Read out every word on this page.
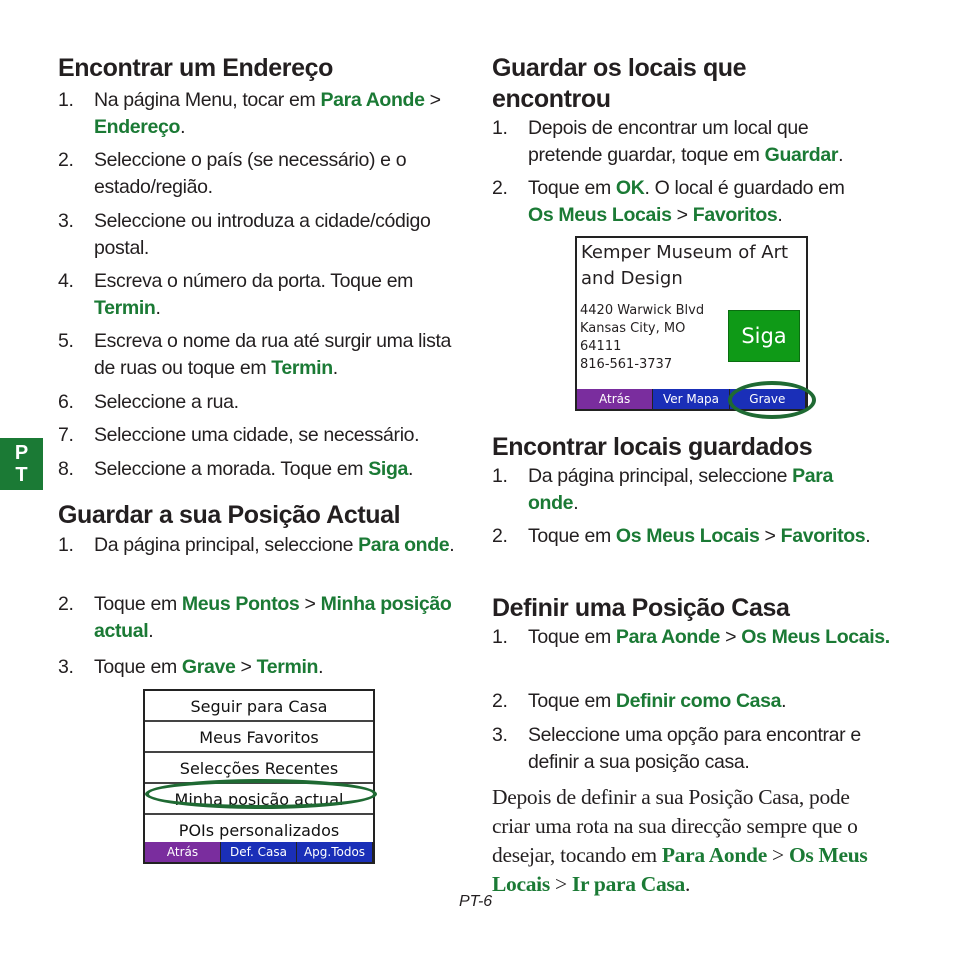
P
T
Encontrar um Endereço
1. Na página Menu, tocar em Para Aonde > Endereço.
2. Seleccione o país (se necessário) e o estado/região.
3. Seleccione ou introduza a cidade/código postal.
4. Escreva o número da porta. Toque em Termin.
5. Escreva o nome da rua até surgir uma lista de ruas ou toque em Termin.
6. Seleccione a rua.
7. Seleccione uma cidade, se necessário.
8. Seleccione a morada. Toque em Siga.
Guardar a sua Posição Actual
1. Da página principal, seleccione Para onde.
2. Toque em Meus Pontos > Minha posição actual.
3. Toque em Grave > Termin.
Guardar os locais que encontrou
1. Depois de encontrar um local que pretende guardar, toque em Guardar.
2. Toque em OK. O local é guardado em Os Meus Locais > Favoritos.
Encontrar locais guardados
1. Da página principal, seleccione Para onde.
2. Toque em Os Meus Locais > Favoritos.
Definir uma Posição Casa
1. Toque em Para Aonde > Os Meus Locais.
2. Toque em Definir como Casa.
3. Seleccione uma opção para encontrar e definir a sua posição casa.
Seguir para Casa
Meus Favoritos
Selecções Recentes
Minha posição actual
POIs personalizados
Atrás	Def. Casa	Apg.Todos
Kemper Museum of Art and Design
4420 Warwick Blvd
Kansas City, MO
64111
816-561-3737
Siga
Atrás	Ver Mapa	Grave
Depois de definir a sua Posição Casa, pode criar uma rota na sua direcção sempre que o desejar, tocando em Para Aonde > Os Meus Locais > Ir para Casa.
PT-6
